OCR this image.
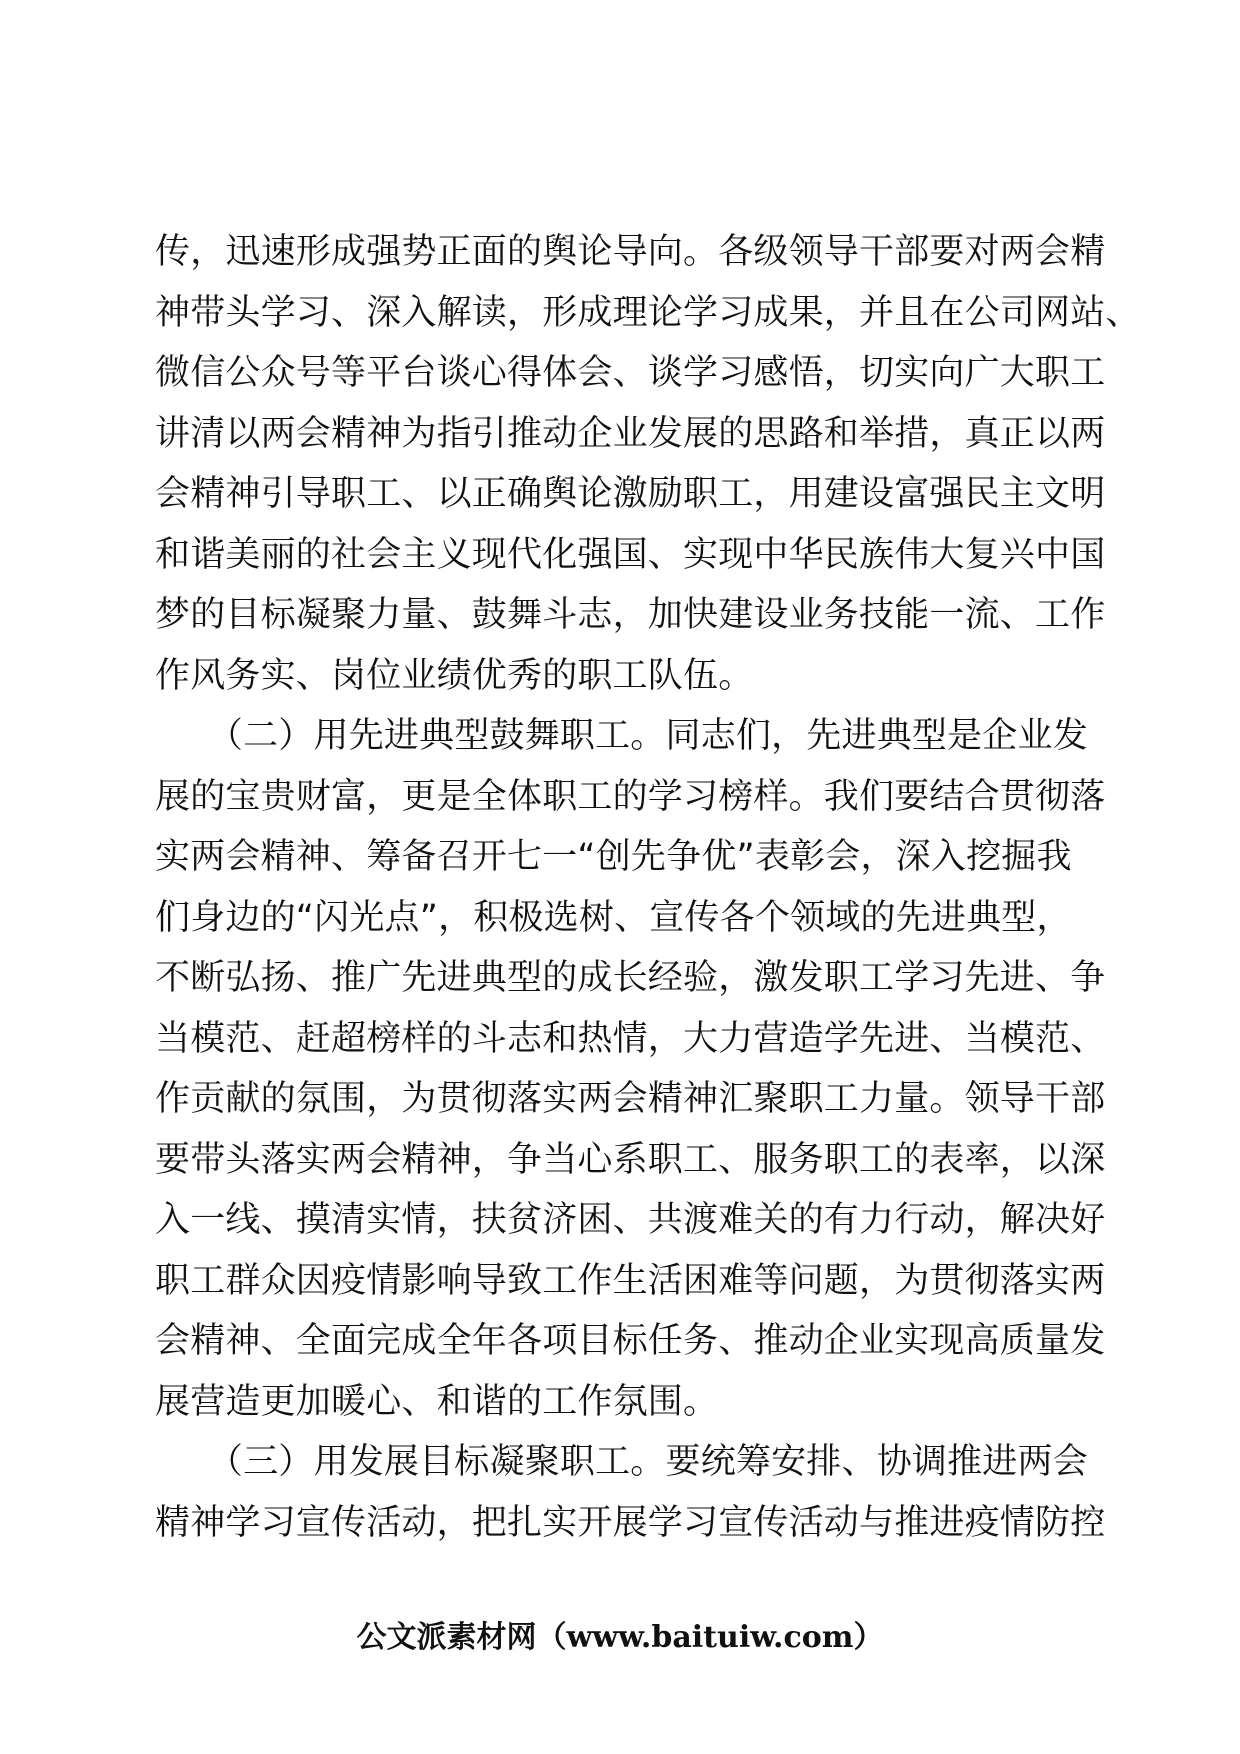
传，迅速形成强势正面的舆论导向。各级领导干部要对两会精
神带头学习、深入解读，形成理论学习成果，并且在公司网站、
微信公众号等平台谈心得体会、谈学习感悟，切实向广大职工
讲清以两会精神为指引推动企业发展的思路和举措，真正以两
会精神引导职工、以正确舆论激励职工，用建设富强民主文明
和谐美丽的社会主义现代化强国、实现中华民族伟大复兴中国
梦的目标凝聚力量、鼓舞斗志，加快建设业务技能一流、工作
作风务实、岗位业绩优秀的职工队伍。
　　（二）用先进典型鼓舞职工。同志们，先进典型是企业发
展的宝贵财富，更是全体职工的学习榜样。我们要结合贯彻落
实两会精神、筹备召开七一“创先争优”表彰会，深入挖掘我
们身边的“闪光点”，积极选树、宣传各个领域的先进典型，
不断弘扬、推广先进典型的成长经验，激发职工学习先进、争
当模范、赶超榜样的斗志和热情，大力营造学先进、当模范、
作贡献的氛围，为贯彻落实两会精神汇聚职工力量。领导干部
要带头落实两会精神，争当心系职工、服务职工的表率，以深
入一线、摸清实情，扶贫济困、共渡难关的有力行动，解决好
职工群众因疫情影响导致工作生活困难等问题，为贯彻落实两
会精神、全面完成全年各项目标任务、推动企业实现高质量发
展营造更加暖心、和谐的工作氛围。
　　（三）用发展目标凝聚职工。要统筹安排、协调推进两会
精神学习宣传活动，把扎实开展学习宣传活动与推进疫情防控
公文派素材网（www.baituiw.com）
